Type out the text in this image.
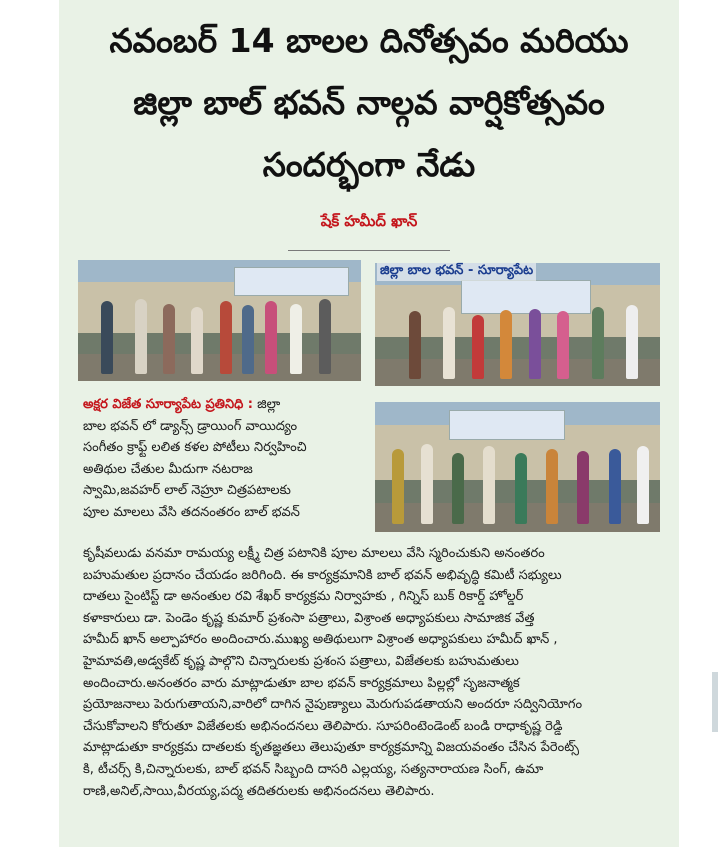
నవంబర్ 14 బాలల దినోత్సవం మరియు
జిల్లా బాల్ భవన్ నాల్గవ వార్షికోత్సవం
సందర్భంగా నేడు
షేక్ హమీద్ ఖాన్
జిల్లా బాల భవన్ - సూర్యాపేట
అక్షర విజేత సూర్యాపేట ప్రతినిధి : జిల్లా
బాల భవన్ లో డ్యాన్స్ డ్రాయింగ్ వాయిద్యం
సంగీతం క్రాఫ్ట్ లలిత కళల పోటీలు నిర్వహించి
అతిథుల చేతుల మీదుగా నటరాజ
స్వామి,జవహర్ లాల్ నెహ్రూ చిత్రపటాలకు
పూల మాలలు వేసి తదనంతరం బాల్ భవన్
కృషీవలుడు వనమా రామయ్య లక్ష్మీ చిత్ర పటానికి పూల మాలలు వేసి స్మరించుకుని అనంతరం
బహుమతుల ప్రదానం చేయడం జరిగింది. ఈ కార్యక్రమానికి బాల్ భవన్ అభివృద్ధి కమిటీ సభ్యులు
దాతలు సైంటిస్ట్ డా అనంతుల రవి శేఖర్ కార్యక్రమ నిర్వాహకు , గిన్నిస్ బుక్ రికార్డ్ హోల్డర్
కళాకారులు డా. పెండెం కృష్ణ కుమార్ ప్రశంసా పత్రాలు, విశ్రాంత అధ్యాపకులు సామాజిక వేత్త
హమీద్ ఖాన్ అల్పాహారం అందించారు.ముఖ్య అతిథులుగా విశ్రాంత అధ్యాపకులు హమీద్ ఖాన్ ,
హైమావతి,అడ్వకేట్ కృష్ణ పాల్గొని చిన్నారులకు ప్రశంస పత్రాలు, విజేతలకు బహుమతులు
అందించారు.అనంతరం వారు మాట్లాడుతూ బాల భవన్ కార్యక్రమాలు పిల్లల్లో సృజనాత్మక
ప్రయోజనాలు పెరుగుతాయని,వారిలో దాగిన నైపుణ్యాలు మెరుగుపడతాయని అందరూ సద్వినియోగం
చేసుకోవాలని కోరుతూ విజేతలకు అభినందనలు తెలిపారు. సూపరింటెండెంట్ బండి రాధాకృష్ణ రెడ్డి
మాట్లాడుతూ కార్యక్రమ దాతలకు కృతజ్ఞతలు తెలుపుతూ కార్యక్రమాన్ని విజయవంతం చేసిన పేరెంట్స్
కి, టీచర్స్ కి,చిన్నారులకు, బాల్ భవన్ సిబ్బంది దాసరి ఎల్లయ్య, సత్యనారాయణ సింగ్, ఉమా
రాణి,అనిల్,సాయి,వీరయ్య,పద్మ తదితరులకు అభినందనలు తెలిపారు.
